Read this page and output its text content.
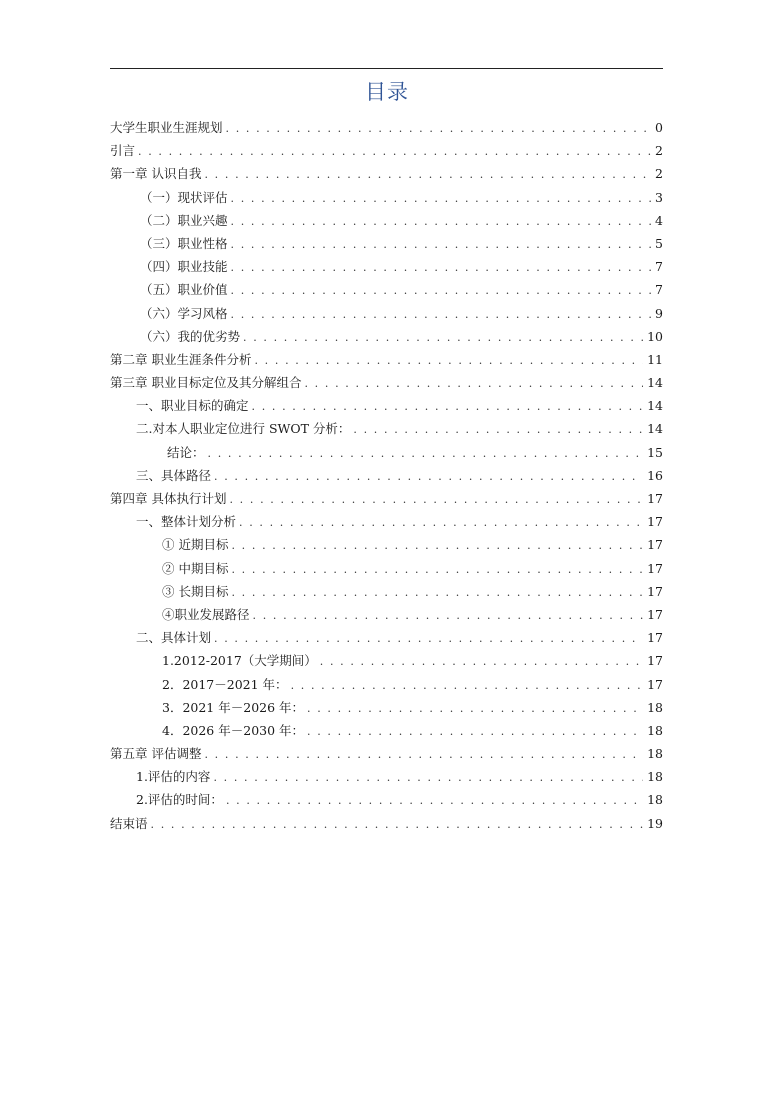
目录
大学生职业生涯规划 . . .	0
引言 . . .	2
第一章 认识自我 . . .	2
（一）现状评估 . . .	3
（二）职业兴趣 . . .	4
（三）职业性格 . . .	5
（四）职业技能 . . .	7
（五）职业价值 . . .	7
（六）学习风格 . . .	9
（六）我的优劣势 . . .	10
第二章 职业生涯条件分析 . . .	11
第三章 职业目标定位及其分解组合 . . .	14
一、职业目标的确定 . . .	14
二.对本人职业定位进行 SWOT 分析： . . .	14
结论： . . .	15
三、具体路径 . . .	16
第四章 具体执行计划 . . .	17
一、整体计划分析 . . .	17
① 近期目标 . . .	17
② 中期目标 . . .	17
③ 长期目标 . . .	17
④职业发展路径 . . .	17
二、具体计划 . . .	17
1.2012-2017（大学期间） . . .	17
2．2017－2021 年： . . .	17
3．2021 年－2026 年： . . .	18
4．2026 年－2030 年： . . .	18
第五章 评估调整 . . .	18
1.评估的内容 . . .	18
2.评估的时间： . . .	18
结束语 . . .	19
